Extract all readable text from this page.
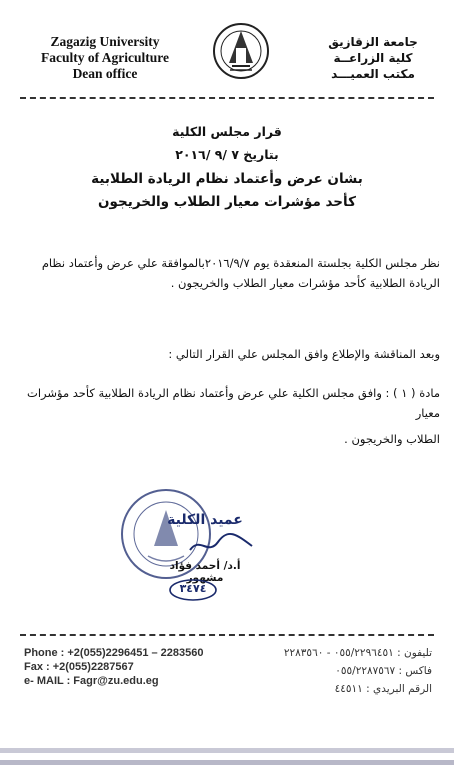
Zagazig University
Faculty of Agriculture
Dean office
جامعة الزقازيق
كلية الزراعــة
مكتب العميـــد
قرار مجلس الكلية
بتاريخ ٧ /٩ /٢٠١٦
بشان عرض وأعتماد نظام الريادة الطلابية
كأحد مؤشرات معيار الطلاب والخريجون
نظر مجلس الكلية بجلستة المنعقدة يوم ٢٠١٦/٩/٧بالموافقة علي عرض وأعتماد نظام
الريادة الطلابية كأحد مؤشرات معيار الطلاب والخريجون .
وبعد المناقشة والإطلاع وافق المجلس علي القرار التالي :
مادة ( ١ ) : وافق مجلس الكلية علي عرض وأعتماد نظام الريادة الطلابية كأحد مؤشرات معيار
الطلاب والخريجون .
عميد الكلية
أ.د/ أحمد فؤاد مشهور
٣٤٧٤
Phone : +2(055)2296451 – 2283560
Fax : +2(055)2287567
e- MAIL : Fagr@zu.edu.eg
تليفون : ٠٥٥/٢٢٩٦٤٥١ - ٢٢٨٣٥٦٠
فاكس : ٠٥٥/٢٢٨٧٥٦٧
الرقم البريدي : ٤٤٥١١
